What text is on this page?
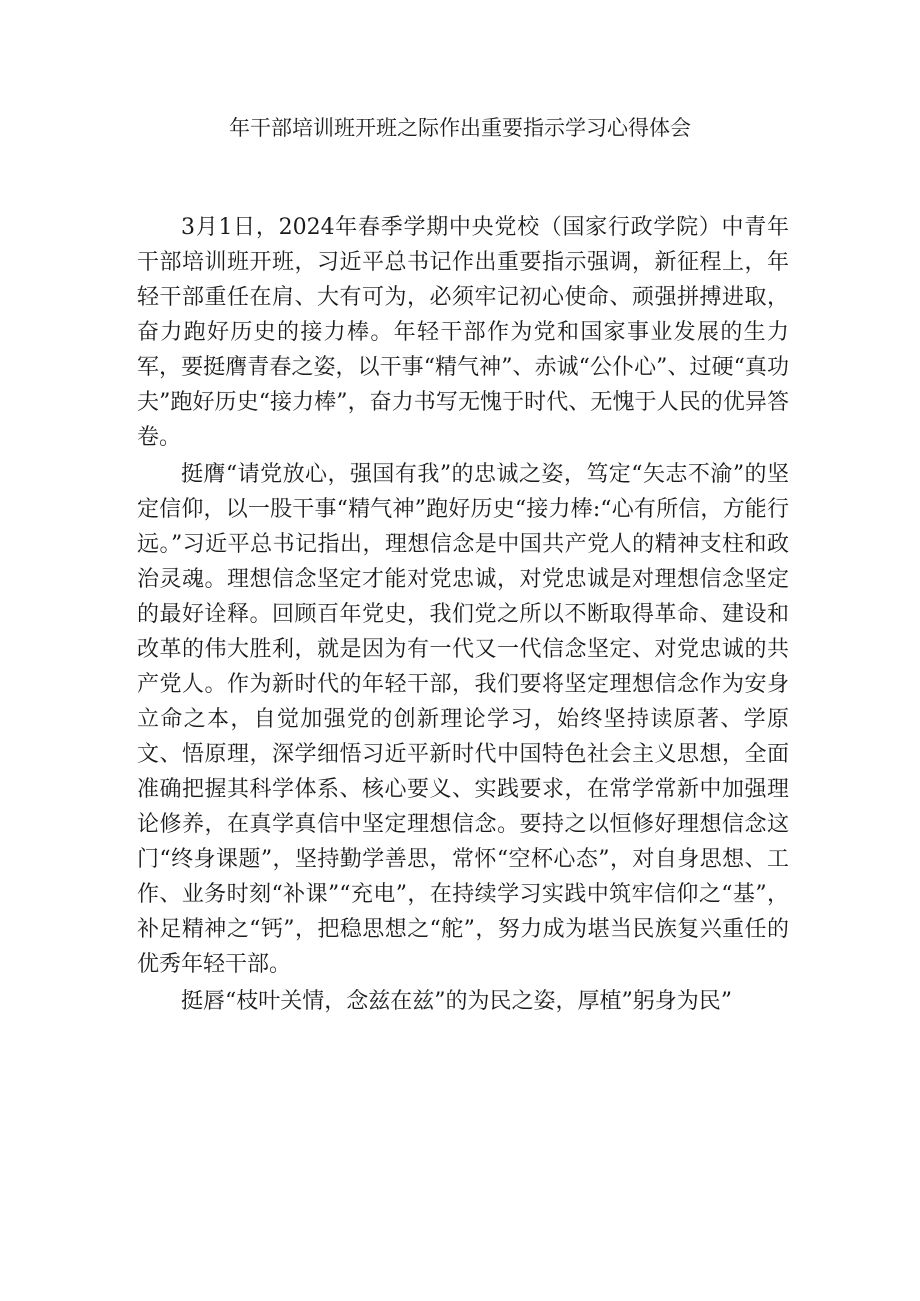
年干部培训班开班之际作出重要指示学习心得体会

3月1日，2024年春季学期中央党校（国家行政学院）中青年干部培训班开班，习近平总书记作出重要指示强调，新征程上，年轻干部重任在肩、大有可为，必须牢记初心使命、顽强拼搏进取，奋力跑好历史的接力棒。年轻干部作为党和国家事业发展的生力军，要挺膺青春之姿，以干事“精气神”、赤诚“公仆心”、过硬“真功夫”跑好历史“接力棒”，奋力书写无愧于时代、无愧于人民的优异答卷。

挺膺“请党放心，强国有我”的忠诚之姿，笃定“矢志不渝”的坚定信仰，以一股干事“精气神”跑好历史“接力棒:“心有所信，方能行远。”习近平总书记指出，理想信念是中国共产党人的精神支柱和政治灵魂。理想信念坚定才能对党忠诚，对党忠诚是对理想信念坚定的最好诠释。回顾百年党史，我们党之所以不断取得革命、建设和改革的伟大胜利，就是因为有一代又一代信念坚定、对党忠诚的共产党人。作为新时代的年轻干部，我们要将坚定理想信念作为安身立命之本，自觉加强党的创新理论学习，始终坚持读原著、学原文、悟原理，深学细悟习近平新时代中国特色社会主义思想，全面准确把握其科学体系、核心要义、实践要求，在常学常新中加强理论修养，在真学真信中坚定理想信念。要持之以恒修好理想信念这门“终身课题”，坚持勤学善思，常怀“空杯心态”，对自身思想、工作、业务时刻“补课”“充电”，在持续学习实践中筑牢信仰之“基”，补足精神之“钙”，把稳思想之“舵”，努力成为堪当民族复兴重任的优秀年轻干部。

挺唇“枝叶关情，念兹在兹”的为民之姿，厚植”躬身为民”
